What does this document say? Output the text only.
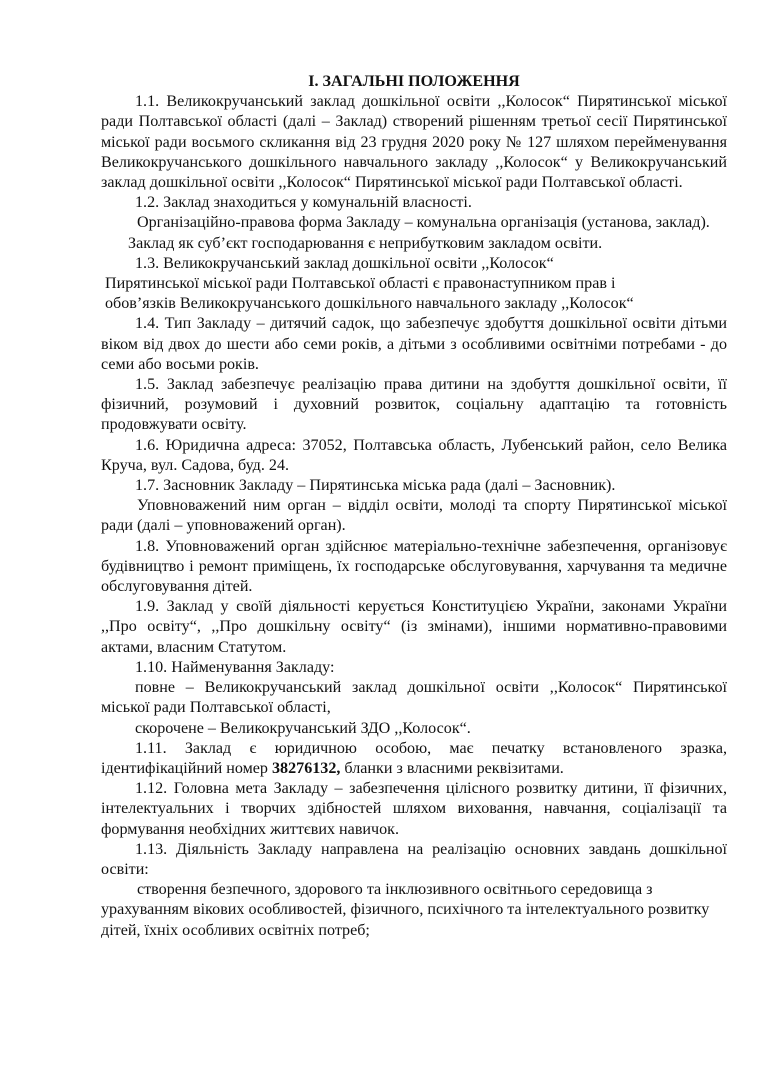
I. ЗАГАЛЬНІ ПОЛОЖЕННЯ

1.1. Великокручанський заклад дошкільної освіти ,,Колосок“ Пирятинської міської ради Полтавської області (далі – Заклад) створений рішенням третьої сесії Пирятинської міської ради восьмого скликання від 23 грудня 2020 року № 127 шляхом перейменування Великокручанського дошкільного навчального закладу ,,Колосок“ у Великокручанський заклад дошкільної освіти ,,Колосок“ Пирятинської міської ради Полтавської області.

1.2. Заклад знаходиться у комунальній власності.

Організаційно-правова форма Закладу – комунальна організація (установа, заклад).

Заклад як суб’єкт господарювання є неприбутковим закладом освіти.

1.3. Великокручанський заклад дошкільної освіти ,,Колосок“

Пирятинської міської ради Полтавської області є правонаступником прав і

обов’язків Великокручанського дошкільного навчального закладу ,,Колосок“

1.4. Тип Закладу – дитячий садок, що забезпечує здобуття дошкільної освіти дітьми віком від двох до шести або семи років, а дітьми з особливими освітніми потребами - до семи або восьми років.

1.5. Заклад забезпечує реалізацію права дитини на здобуття дошкільної освіти, її фізичний, розумовий і духовний розвиток, соціальну адаптацію та готовність продовжувати освіту.

1.6. Юридична адреса: 37052, Полтавська область, Лубенський район, село Велика Круча, вул. Садова, буд. 24.

1.7. Засновник Закладу – Пирятинська міська рада (далі – Засновник).

Уповноважений ним орган – відділ освіти, молоді та спорту Пирятинської міської ради (далі – уповноважений орган).

1.8. Уповноважений орган здійснює матеріально-технічне забезпечення, організовує будівництво і ремонт приміщень, їх господарське обслуговування, харчування та медичне обслуговування дітей.

1.9. Заклад у своїй діяльності керується Конституцією України, законами України ,,Про освіту“, ,,Про дошкільну освіту“ (із змінами), іншими нормативно-правовими актами, власним Статутом.

1.10. Найменування Закладу:

повне – Великокручанський заклад дошкільної освіти ,,Колосок“ Пирятинської міської ради Полтавської області,

скорочене – Великокручанський ЗДО ,,Колосок“.

1.11. Заклад є юридичною особою, має печатку встановленого зразка, ідентифікаційний номер 38276132, бланки з власними реквізитами.

1.12. Головна мета Закладу – забезпечення цілісного розвитку дитини, її фізичних, інтелектуальних і творчих здібностей шляхом виховання, навчання, соціалізації та формування необхідних життєвих навичок.

1.13. Діяльність Закладу направлена на реалізацію основних завдань дошкільної освіти:

створення безпечного, здорового та інклюзивного освітнього середовища з урахуванням вікових особливостей, фізичного, психічного та інтелектуального розвитку дітей, їхніх особливих освітніх потреб;
